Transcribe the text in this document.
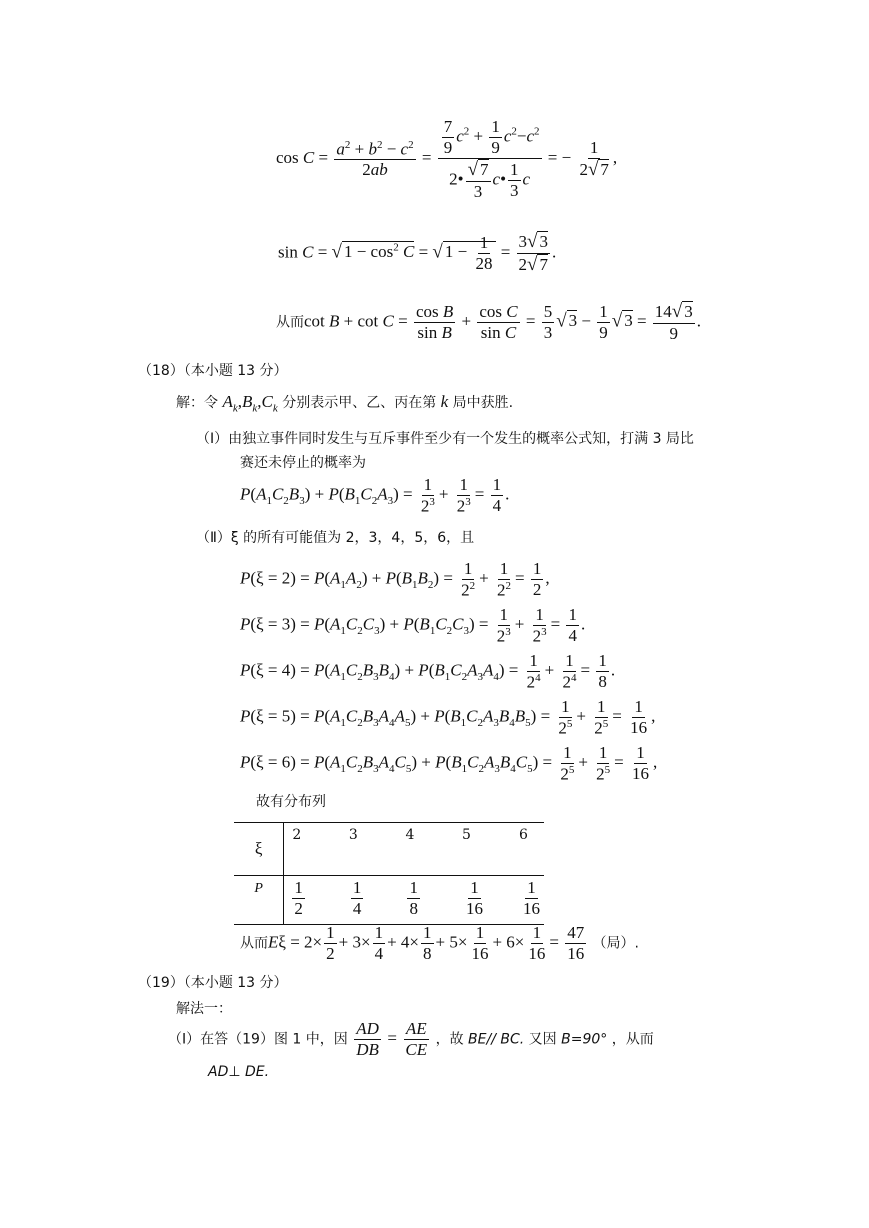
$\cos C = \frac{a^2 + b^2 - c^2}{2ab} = \frac{\frac{7}{9} c^2 + \frac{1}{9} c^2-c^2}{2• \frac{√ 7}{3} c• \frac{1}{3} c}$ = − $\frac{1}{2√ 7}$ ,
sin C = √ $1 - \cos^2 C$ = √ $1 - \frac{1}{28} = \frac{3√ 3}{2√ 7}$ .
从而$\cot B + \cot C = \frac{\text{cos B}}{\text{sin B}} + \frac{\text{cos C}}{\text{sin C}} = \frac{5}{3}$ √ $3 - \frac{1}{9}$ √ $3 = \frac{14√ 3}{9}$ .
（18）（本小题 13 分）
解：令 $A_k,B_k,C_k$ 分别表示甲、乙、丙在第 k 局中获胜.
（Ⅰ）由独立事件同时发生与互斥事件至少有一个发生的概率公式知，打满 3 局比
赛还未停止的概率为
$P(A_1C_2B_3) + P(B_1C_2A_3) = \frac{1}{2^3} + \frac{1}{2^3} = \frac{1}{4}$ .
（Ⅱ）ξ 的所有可能值为 2，3，4，5，6，且
$P(\xi = 2) = P(A_1A_2) + P(B_1B_2) = \frac{1}{2^2} + \frac{1}{2^2} = \frac{1}{2}$ ,
$P(\xi = 3) = P(A_1C_2C_3) + P(B_1C_2C_3) = \frac{1}{2^3} + \frac{1}{2^3} = \frac{1}{4}$ .
$P(\xi = 4) = P(A_1C_2B_3B_4) + P(B_1C_2A_3A_4) = \frac{1}{2^4} + \frac{1}{2^4} = \frac{1}{8}$ .
$P(\xi = 5) = P(A_1C_2B_3A_4A_5) + P(B_1C_2A_3B_4B_5) = \frac{1}{2^5} + \frac{1}{2^5} = \frac{1}{16}$ ,
$P(\xi = 6) = P(A_1C_2B_3A_4C_5) + P(B_1C_2A_3B_4C_5) = \frac{1}{2^5} + \frac{1}{2^5} = \frac{1}{16}$ ,
故有分布列
ξ	2	3	4	5	6
P	$\frac{1}{2}$	$\frac{1}{4}$	$\frac{1}{8}$	$\frac{1}{16}$	$\frac{1}{16}$
从而$E\xi = 2\times \frac{1}{2} + 3\times \frac{1}{4} + 4\times \frac{1}{8} + 5\times \frac{1}{16} + 6\times \frac{1}{16} = \frac{47}{16}$ （局）.
（19）（本小题 13 分）
解法一：
（Ⅰ）在答（19）图 1 中，因 $\frac{AD}{DB} = \frac{AE}{CE}$ ，故 BE// BC. 又因 B=90° ，从而
AD⊥ DE.
